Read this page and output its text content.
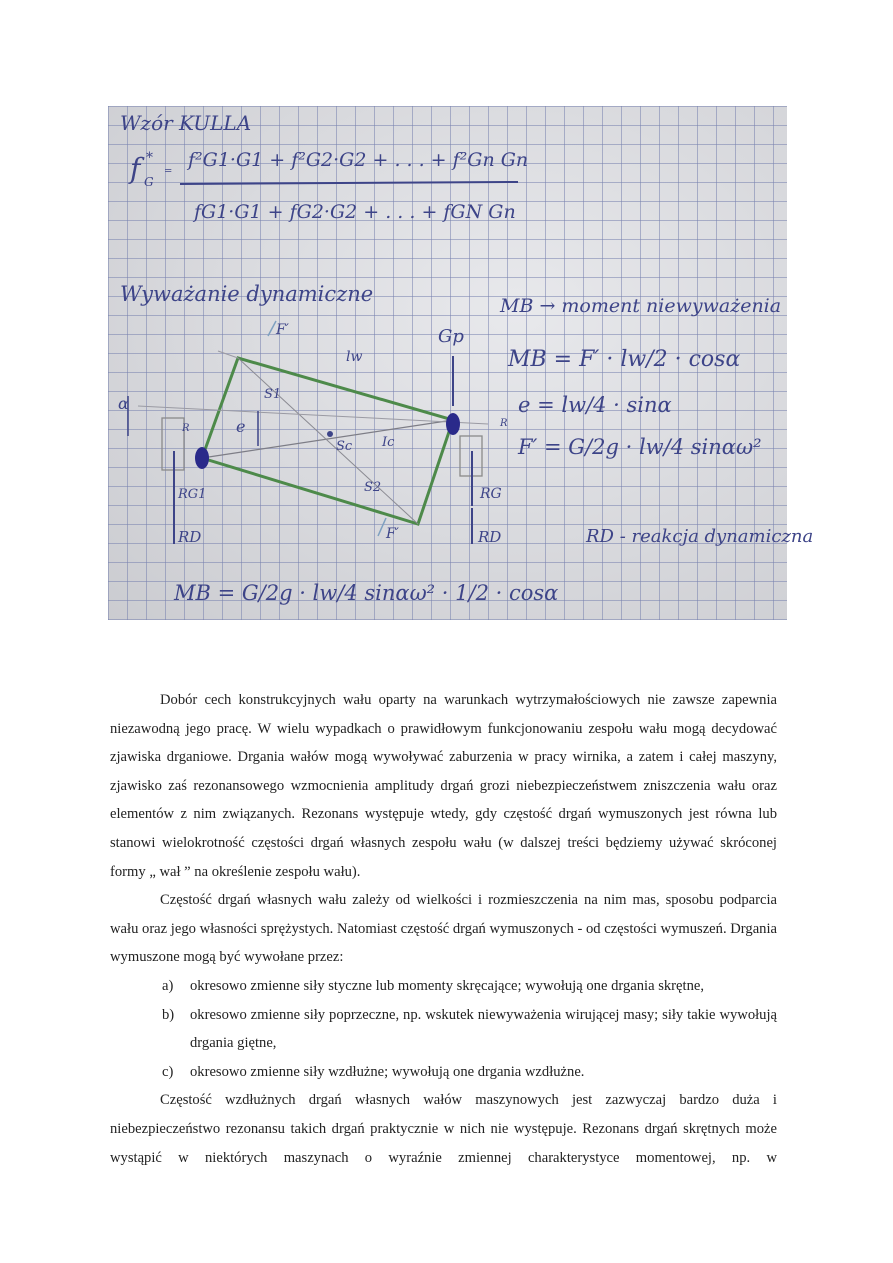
Wzór KULLA
f G
*
=
f²G1·G1 + f²G2·G2 + . . . + f²Gn Gn
fG1·G1 + fG2·G2 + . . . + fGN Gn
Wyważanie dynamiczne	MB → moment niewyważenia
MB = F′ · lw/2 · cosα
e = lw/4 · sinα
F′ = G/2g · lw/4 sinαω²
RD - reakcja dynamiczna
Gp
lw
e
α
Sc Ic
S1
S2
F′
F′
RG1	RG
RD	RD
R	R
MB = G/2g · lw/4 sinαω² · 1/2 · cosα

Dobór cech konstrukcyjnych wału oparty na warunkach wytrzymałościowych nie zawsze zapewnia niezawodną jego pracę. W wielu wypadkach o prawidłowym funkcjonowaniu zespołu wału mogą decydować zjawiska drganiowe. Drgania wałów mogą wywoływać zaburzenia w pracy wirnika, a zatem i całej maszyny, zjawisko zaś rezonansowego wzmocnienia amplitudy drgań grozi niebezpieczeństwem zniszczenia wału oraz elementów z nim związanych. Rezonans występuje wtedy, gdy częstość drgań wymuszonych jest równa lub stanowi wielokrotność częstości drgań własnych zespołu wału (w dalszej treści będziemy używać skróconej formy „ wał ” na określenie zespołu wału).

Częstość drgań własnych wału zależy od wielkości i rozmieszczenia na nim mas, sposobu podparcia wału oraz jego własności sprężystych. Natomiast częstość drgań wymuszonych - od częstości wymuszeń. Drgania wymuszone mogą być wywołane przez:

a) okresowo zmienne siły styczne lub momenty skręcające; wywołują one drgania skrętne,
b) okresowo zmienne siły poprzeczne, np. wskutek niewyważenia wirującej masy; siły takie wywołują drgania giętne,
c) okresowo zmienne siły wzdłużne; wywołują one drgania wzdłużne.

Częstość wzdłużnych drgań własnych wałów maszynowych jest zazwyczaj bardzo duża i niebezpieczeństwo rezonansu takich drgań praktycznie w nich nie występuje. Rezonans drgań skrętnych może wystąpić w niektórych maszynach o wyraźnie zmiennej charakterystyce momentowej, np. w
